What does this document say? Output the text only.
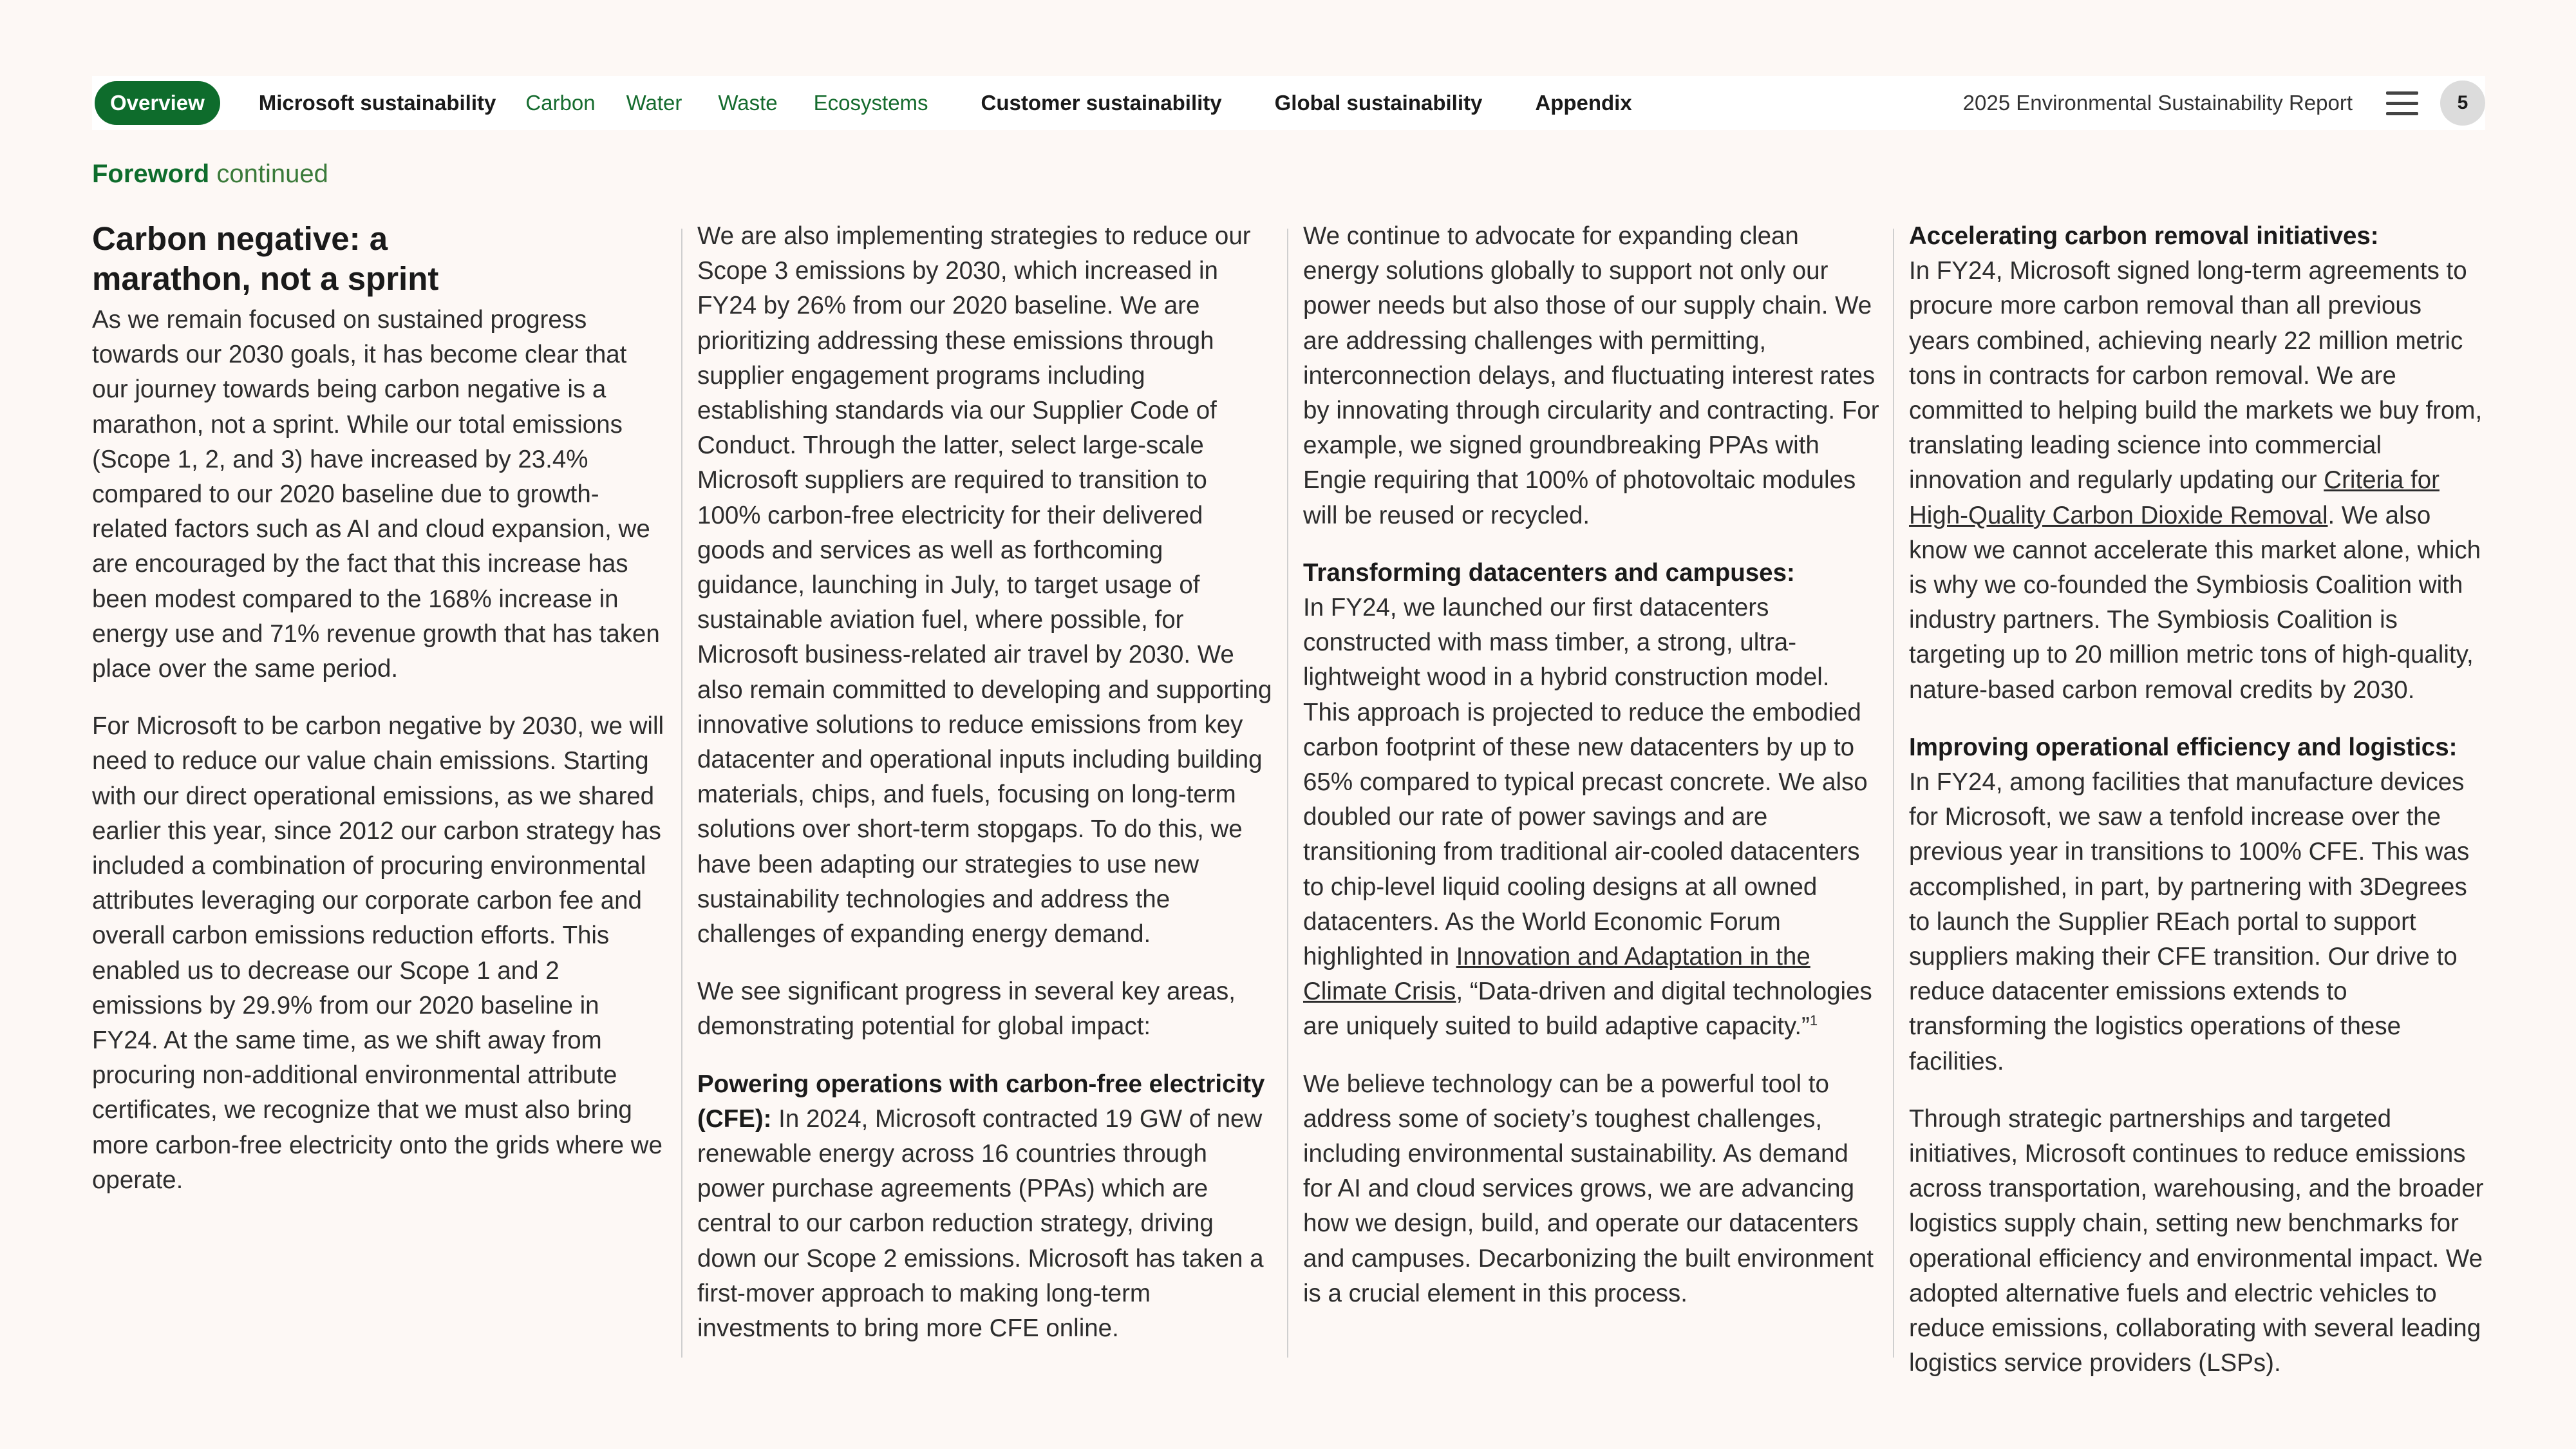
Overview	Microsoft sustainability Carbon Water Waste Ecosystems Customer sustainability Global sustainability Appendix	2025 Environmental Sustainability Report	5
Foreword continued
Carbon negative: a marathon, not a sprint

As we remain focused on sustained progress towards our 2030 goals, it has become clear that our journey towards being carbon negative is a marathon, not a sprint. While our total emissions (Scope 1, 2, and 3) have increased by 23.4% compared to our 2020 baseline due to growth-related factors such as AI and cloud expansion, we are encouraged by the fact that this increase has been modest compared to the 168% increase in energy use and 71% revenue growth that has taken place over the same period.

For Microsoft to be carbon negative by 2030, we will need to reduce our value chain emissions. Starting with our direct operational emissions, as we shared earlier this year, since 2012 our carbon strategy has included a combination of procuring environmental attributes leveraging our corporate carbon fee and overall carbon emissions reduction efforts. This enabled us to decrease our Scope 1 and 2 emissions by 29.9% from our 2020 baseline in FY24. At the same time, as we shift away from procuring non-additional environmental attribute certificates, we recognize that we must also bring more carbon-free electricity onto the grids where we operate.

We are also implementing strategies to reduce our Scope 3 emissions by 2030, which increased in FY24 by 26% from our 2020 baseline. We are prioritizing addressing these emissions through supplier engagement programs including establishing standards via our Supplier Code of Conduct. Through the latter, select large-scale Microsoft suppliers are required to transition to 100% carbon-free electricity for their delivered goods and services as well as forthcoming guidance, launching in July, to target usage of sustainable aviation fuel, where possible, for Microsoft business-related air travel by 2030. We also remain committed to developing and supporting innovative solutions to reduce emissions from key datacenter and operational inputs including building materials, chips, and fuels, focusing on long-term solutions over short-term stopgaps. To do this, we have been adapting our strategies to use new sustainability technologies and address the challenges of expanding energy demand.

We see significant progress in several key areas, demonstrating potential for global impact:

Powering operations with carbon-free electricity (CFE): In 2024, Microsoft contracted 19 GW of new renewable energy across 16 countries through power purchase agreements (PPAs) which are central to our carbon reduction strategy, driving down our Scope 2 emissions. Microsoft has taken a first-mover approach to making long-term investments to bring more CFE online.

We continue to advocate for expanding clean energy solutions globally to support not only our power needs but also those of our supply chain. We are addressing challenges with permitting, interconnection delays, and fluctuating interest rates by innovating through circularity and contracting. For example, we signed groundbreaking PPAs with Engie requiring that 100% of photovoltaic modules will be reused or recycled.

Transforming datacenters and campuses:
In FY24, we launched our first datacenters constructed with mass timber, a strong, ultra-lightweight wood in a hybrid construction model. This approach is projected to reduce the embodied carbon footprint of these new datacenters by up to 65% compared to typical precast concrete. We also doubled our rate of power savings and are transitioning from traditional air-cooled datacenters to chip-level liquid cooling designs at all owned datacenters. As the World Economic Forum highlighted in Innovation and Adaptation in the Climate Crisis, “Data-driven and digital technologies are uniquely suited to build adaptive capacity.”$^1$

We believe technology can be a powerful tool to address some of society’s toughest challenges, including environmental sustainability. As demand for AI and cloud services grows, we are advancing how we design, build, and operate our datacenters and campuses. Decarbonizing the built environment is a crucial element in this process.

Accelerating carbon removal initiatives:
In FY24, Microsoft signed long-term agreements to procure more carbon removal than all previous years combined, achieving nearly 22 million metric tons in contracts for carbon removal. We are committed to helping build the markets we buy from, translating leading science into commercial innovation and regularly updating our Criteria for High-Quality Carbon Dioxide Removal. We also know we cannot accelerate this market alone, which is why we co-founded the Symbiosis Coalition with industry partners. The Symbiosis Coalition is targeting up to 20 million metric tons of high-quality, nature-based carbon removal credits by 2030.

Improving operational efficiency and logistics:
In FY24, among facilities that manufacture devices for Microsoft, we saw a tenfold increase over the previous year in transitions to 100% CFE. This was accomplished, in part, by partnering with 3Degrees to launch the Supplier REach portal to support suppliers making their CFE transition. Our drive to reduce datacenter emissions extends to transforming the logistics operations of these facilities.

Through strategic partnerships and targeted initiatives, Microsoft continues to reduce emissions across transportation, warehousing, and the broader logistics supply chain, setting new benchmarks for operational efficiency and environmental impact. We adopted alternative fuels and electric vehicles to reduce emissions, collaborating with several leading logistics service providers (LSPs).
